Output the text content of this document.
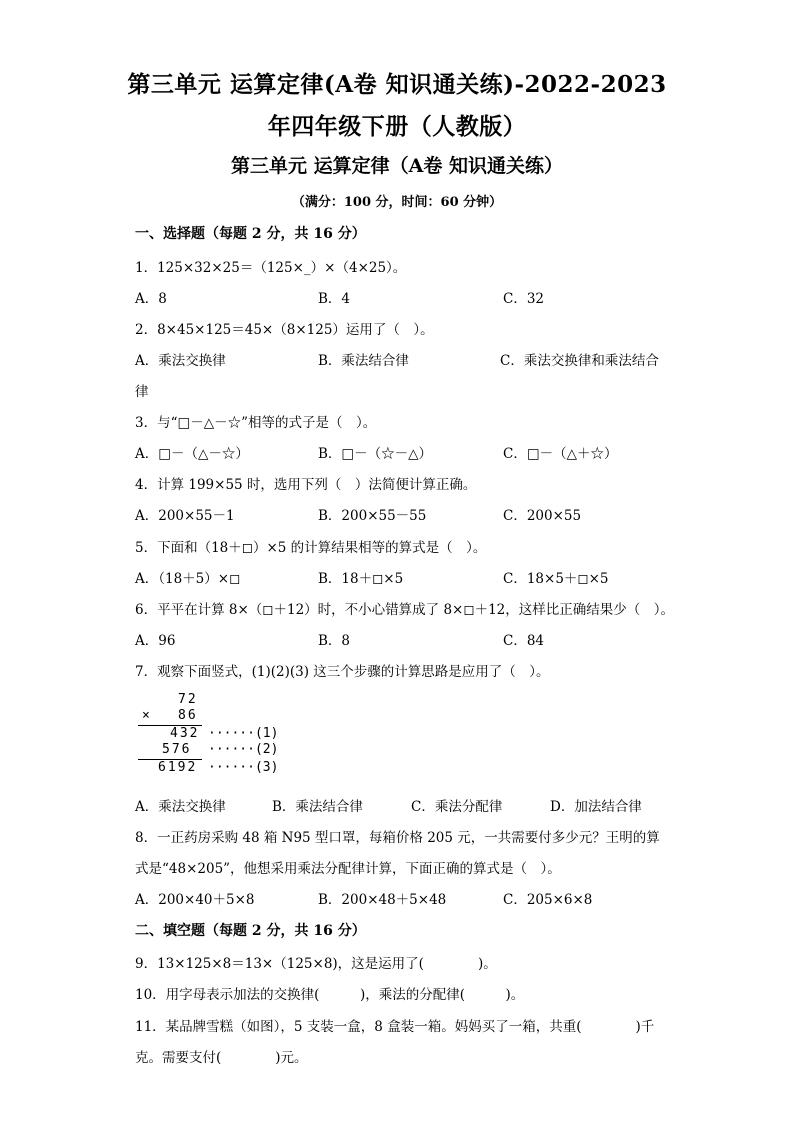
第三单元 运算定律(A卷 知识通关练)-2022-2023
年四年级下册（人教版）
第三单元 运算定律（A卷 知识通关练）
（满分：100 分，时间：60 分钟）
一、选择题（每题 2 分，共 16 分）
1．125×32×25＝（125×_）×（4×25）。
A．8	B．4	C．32
2．8×45×125＝45×（8×125）运用了（　）。
A．乘法交换律	B．乘法结合律	C．乘法交换律和乘法结合
律
3．与“□－△－☆”相等的式子是（　）。
A．□－（△－☆）	B．□－（☆－△）	C．□－（△＋☆）
4．计算 199×55 时，选用下列（　）法简便计算正确。
A．200×55－1	B．200×55－55	C．200×55
5．下面和（18＋◻）×5 的计算结果相等的算式是（　）。
A．（18＋5）×◻	B．18＋◻×5	C．18×5＋◻×5
6．平平在计算 8×（◻＋12）时，不小心错算成了 8×◻＋12，这样比正确结果少（　）。
A．96	B．8	C．84
7．观察下面竖式，(1)(2)(3) 这三个步骤的计算思路是应用了（　）。
72
× 86
432 ······(1)
576 ······(2)
6192 ······(3)
A．乘法交换律	B．乘法结合律	C．乘法分配律	D．加法结合律
8．一正药房采购 48 箱 N95 型口罩，每箱价格 205 元，一共需要付多少元？王明的算
式是“48×205”，他想采用乘法分配律计算，下面正确的算式是（　）。
A．200×40＋5×8	B．200×48＋5×48	C．205×6×8
二、填空题（每题 2 分，共 16 分）
9．13×125×8＝13×（125×8)，这是运用了(　　　　)。
10．用字母表示加法的交换律(　　　)，乘法的分配律(　　　)。
11．某品牌雪糕（如图），5 支装一盒，8 盒装一箱。妈妈买了一箱，共重(　　　　)千
克。需要支付(　　　　)元。
